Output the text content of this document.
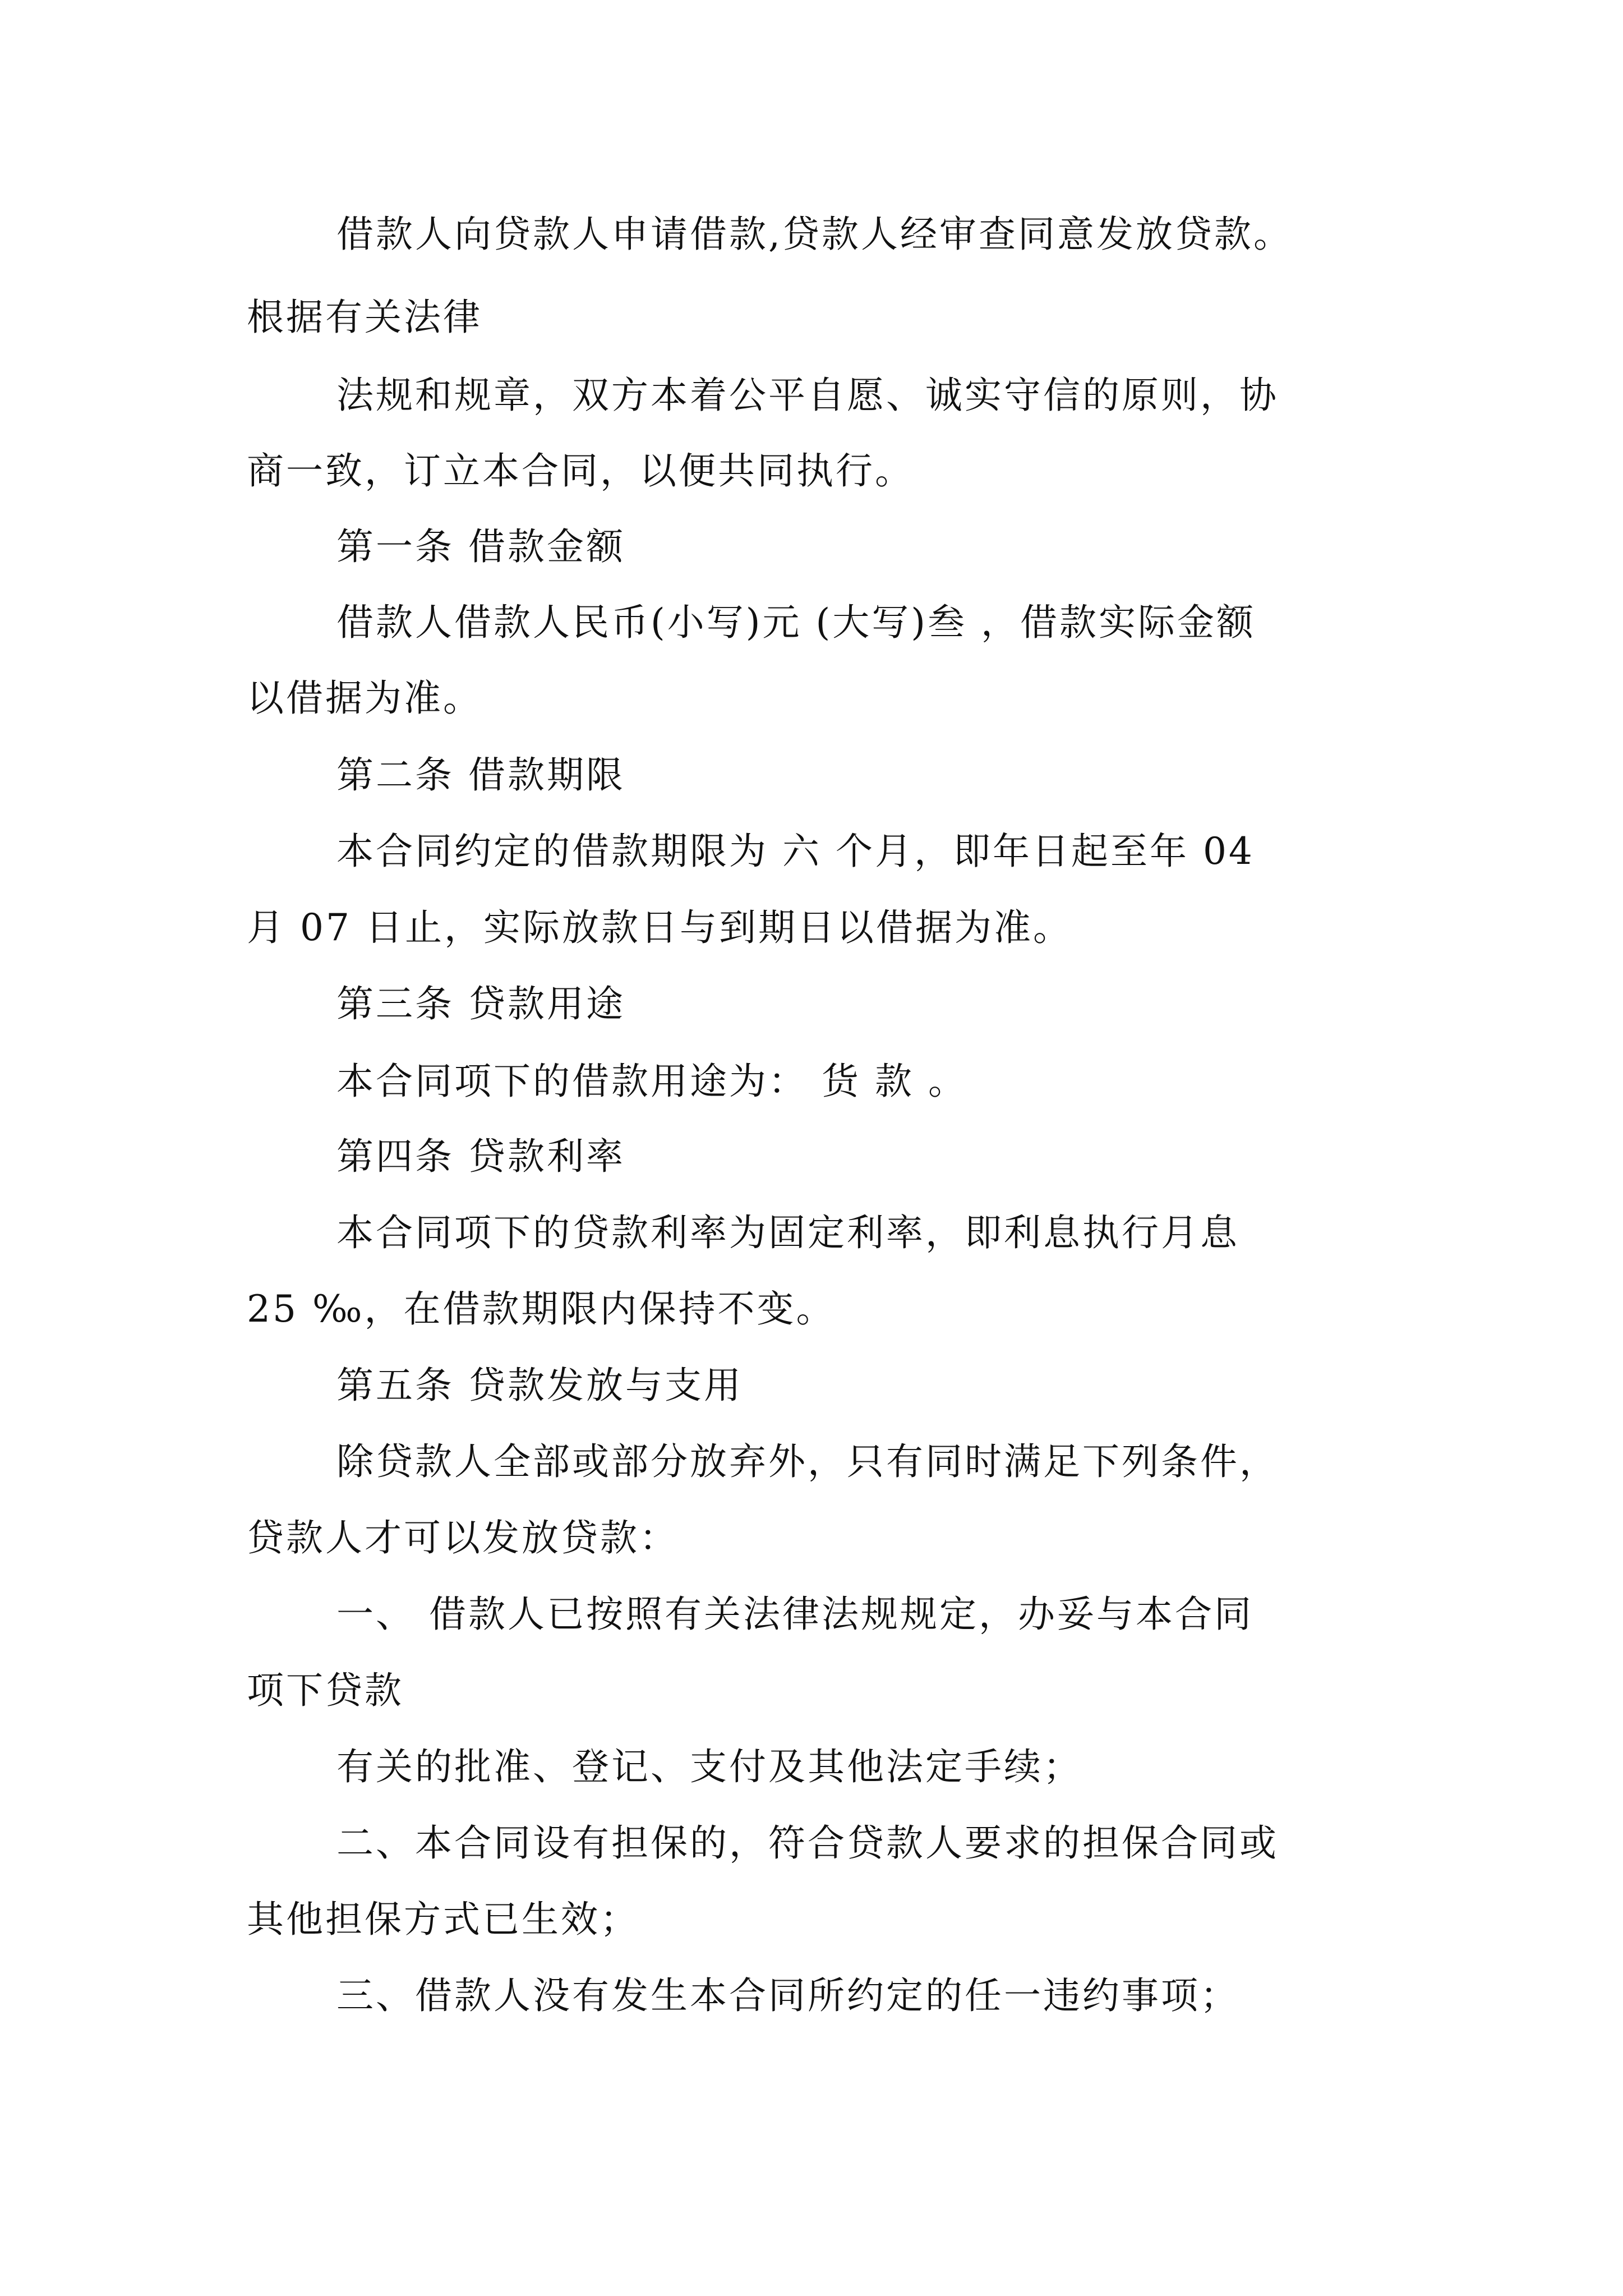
借款人向贷款人申请借款,贷款人经审查同意发放贷款。
根据有关法律
法规和规章，双方本着公平自愿、诚实守信的原则，协
商一致，订立本合同，以便共同执行。
第一条 借款金额
借款人借款人民币(小写)元 (大写)叁 ，借款实际金额
以借据为准。
第二条 借款期限
本合同约定的借款期限为 六 个月，即年日起至年 04
月 07 日止，实际放款日与到期日以借据为准。
第三条 贷款用途
本合同项下的借款用途为： 货 款 。
第四条 贷款利率
本合同项下的贷款利率为固定利率，即利息执行月息
25 ‰，在借款期限内保持不变。
第五条 贷款发放与支用
除贷款人全部或部分放弃外，只有同时满足下列条件，
贷款人才可以发放贷款：
一、 借款人已按照有关法律法规规定，办妥与本合同
项下贷款
有关的批准、登记、支付及其他法定手续；
二、本合同设有担保的，符合贷款人要求的担保合同或
其他担保方式已生效；
三、借款人没有发生本合同所约定的任一违约事项；
